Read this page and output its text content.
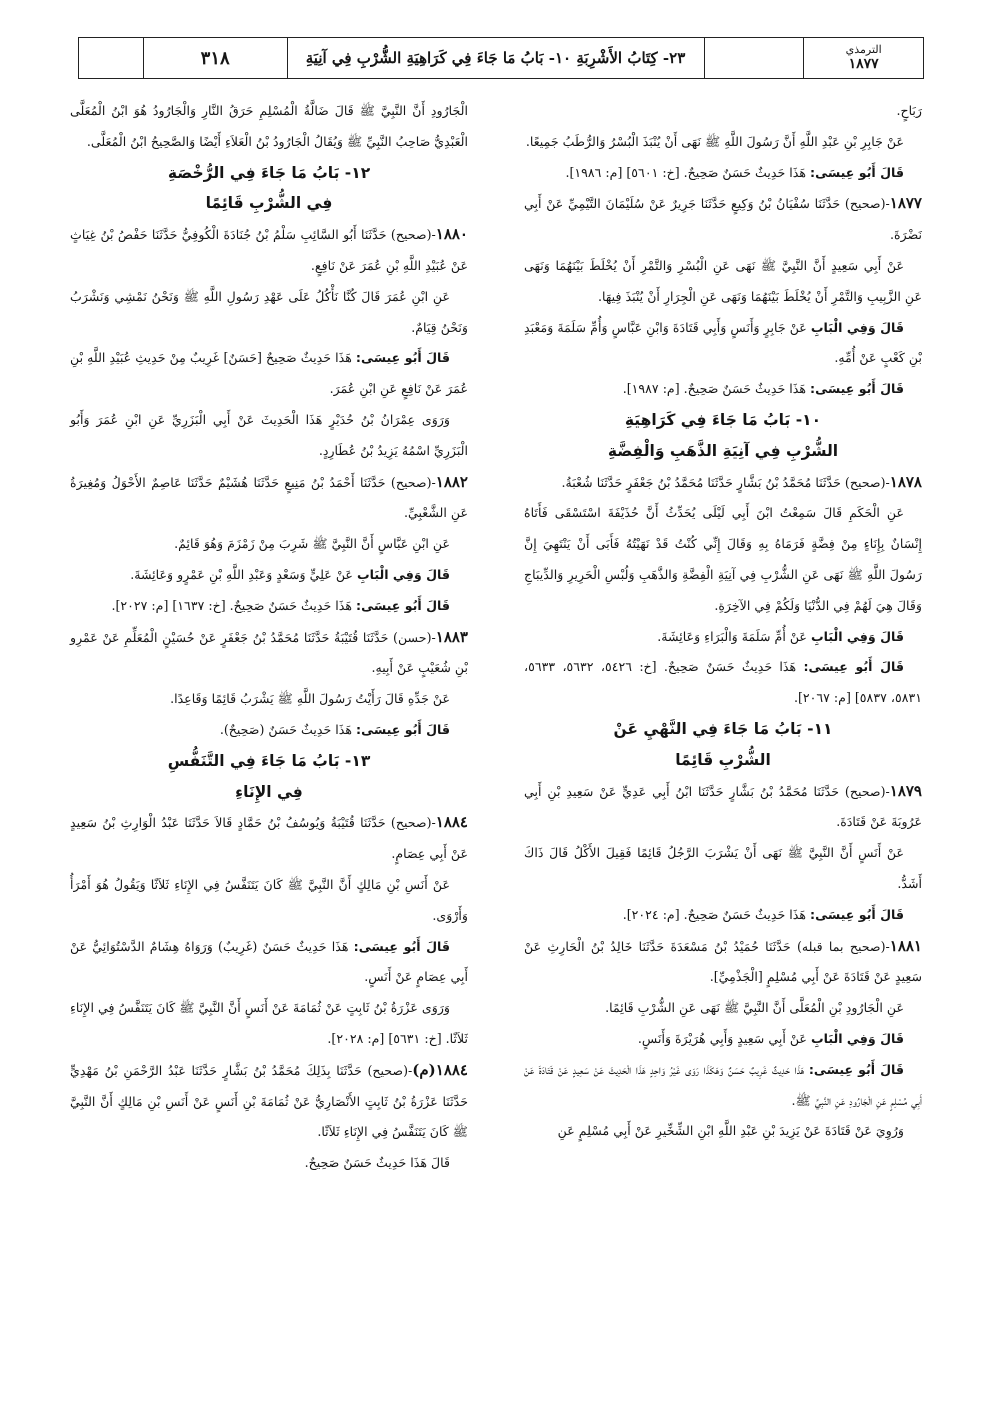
٣١٨	٢٣- كِتَابُ الأَشْرِبَةِ ١٠- بَابُ مَا جَاءَ فِي كَرَاهِيَةِ الشُّرْبِ فِي آنِيَةِ	الترمذي
١٨٧٧

رَبَاحٍ.

عَنْ جَابِرِ بْنِ عَبْدِ اللَّهِ أَنَّ رَسُولَ اللَّهِ ﷺ نَهَى أَنْ يُنْبَذَ الْبُسْرُ وَالرُّطَبُ جَمِيعًا.

قَالَ أَبُو عِيسَى: هَذَا حَدِيثٌ حَسَنٌ صَحِيحٌ. [خ: ٥٦٠١] [م: ١٩٨٦].

١٨٧٧-(صحيح) حَدَّثَنَا سُفْيَانُ بْنُ وَكِيعٍ حَدَّثَنَا جَرِيرٌ عَنْ سُلَيْمَانَ التَّيْمِيِّ عَنْ أَبِي نَضْرَةَ.

عَنْ أَبِي سَعِيدٍ أَنَّ النَّبِيَّ ﷺ نَهَى عَنِ الْبُسْرِ وَالتَّمْرِ أَنْ يُخْلَطَ بَيْنَهُمَا وَنَهَى عَنِ الزَّبِيبِ وَالتَّمْرِ أَنْ يُخْلَطَ بَيْنَهُمَا وَنَهَى عَنِ الْجِرَارِ أَنْ يُنْبَذَ فِيهَا.

قَالَ وَفِي الْبَابِ عَنْ جَابِرٍ وَأَنَسٍ وَأَبِي قَتَادَةَ وَابْنِ عَبَّاسٍ وَأُمِّ سَلَمَةَ وَمَعْبَدِ بْنِ كَعْبٍ عَنْ أُمِّهِ.

قَالَ أَبُو عِيسَى: هَذَا حَدِيثٌ حَسَنٌ صَحِيحٌ. [م: ١٩٨٧].

١٠- بَابُ مَا جَاءَ فِي كَرَاهِيَةِ

الشُّرْبِ فِي آنِيَةِ الذَّهَبِ وَالْفِضَّةِ

١٨٧٨-(صحيح) حَدَّثَنَا مُحَمَّدُ بْنُ بَشَّارٍ حَدَّثَنَا مُحَمَّدُ بْنُ جَعْفَرٍ حَدَّثَنَا شُعْبَةُ.

عَنِ الْحَكَمِ قَالَ سَمِعْتُ ابْنَ أَبِي لَيْلَى يُحَدِّثُ أَنَّ حُذَيْفَةَ اسْتَسْقَى فَأَتَاهُ إِنْسَانٌ بِإِنَاءٍ مِنْ فِضَّةٍ فَرَمَاهُ بِهِ وَقَالَ إِنِّي كُنْتُ قَدْ نَهَيْتُهُ فَأَبَى أَنْ يَنْتَهِيَ إِنَّ رَسُولَ اللَّهِ ﷺ نَهَى عَنِ الشُّرْبِ فِي آنِيَةِ الْفِضَّةِ وَالذَّهَبِ وَلُبْسِ الْحَرِيرِ وَالدِّيبَاجِ وَقَالَ هِيَ لَهُمْ فِي الدُّنْيَا وَلَكُمْ فِي الآخِرَةِ.

قَالَ وَفِي الْبَابِ عَنْ أُمِّ سَلَمَةَ وَالْبَرَاءِ وَعَائِشَةَ.

قَالَ أَبُو عِيسَى: هَذَا حَدِيثٌ حَسَنٌ صَحِيحٌ. [خ: ٥٤٢٦، ٥٦٣٢، ٥٦٣٣، ٥٨٣١، ٥٨٣٧] [م: ٢٠٦٧].

١١- بَابُ مَا جَاءَ فِي النَّهْيِ عَنْ

الشُّرْبِ قَائِمًا

١٨٧٩-(صحيح) حَدَّثَنَا مُحَمَّدُ بْنُ بَشَّارٍ حَدَّثَنَا ابْنُ أَبِي عَدِيٍّ عَنْ سَعِيدِ بْنِ أَبِي عَرُوبَةَ عَنْ قَتَادَةَ.

عَنْ أَنَسٍ أَنَّ النَّبِيَّ ﷺ نَهَى أَنْ يَشْرَبَ الرَّجُلُ قَائِمًا فَقِيلَ الأَكْلُ قَالَ ذَاكَ أَشَدُّ.

قَالَ أَبُو عِيسَى: هَذَا حَدِيثٌ حَسَنٌ صَحِيحٌ. [م: ٢٠٢٤].

١٨٨١-(صحيح بما قبله) حَدَّثَنَا حُمَيْدُ بْنُ مَسْعَدَةَ حَدَّثَنَا خَالِدُ بْنُ الْحَارِثِ عَنْ سَعِيدٍ عَنْ قَتَادَةَ عَنْ أَبِي مُسْلِمٍ [الْجَذْمِيِّ].

عَنِ الْجَارُودِ بْنِ الْمُعَلَّى أَنَّ النَّبِيَّ ﷺ نَهَى عَنِ الشُّرْبِ قَائِمًا.

قَالَ وَفِي الْبَابِ عَنْ أَبِي سَعِيدٍ وَأَبِي هُرَيْرَةَ وَأَنَسٍ.

قَالَ أَبُو عِيسَى: هَذَا حَدِيثٌ غَرِيبٌ حَسَنٌ وَهَكَذَا رَوَى غَيْرُ وَاحِدٍ هَذَا الْحَدِيثَ عَنْ سَعِيدٍ عَنْ قَتَادَةَ عَنْ أَبِي مُسْلِمٍ عَنِ الْجَارُودِ عَنِ النَّبِيِّ ﷺ.

وَرُوِيَ عَنْ قَتَادَةَ عَنْ يَزِيدَ بْنِ عَبْدِ اللَّهِ ابْنِ الشِّخِّيرِ عَنْ أَبِي مُسْلِمٍ عَنِ

الْجَارُودِ أَنَّ النَّبِيَّ ﷺ قَالَ ضَالَّةُ الْمُسْلِمِ حَرَقُ النَّارِ وَالْجَارُودُ هُوَ ابْنُ الْمُعَلَّى الْعَبْدِيُّ صَاحِبُ النَّبِيِّ ﷺ وَيُقَالُ الْجَارُودُ بْنُ الْعَلاَءِ أَيْضًا وَالصَّحِيحُ ابْنُ الْمُعَلَّى.

١٢- بَابُ مَا جَاءَ فِي الرُّخْصَةِ

فِي الشُّرْبِ قَائِمًا

١٨٨٠-(صحيح) حَدَّثَنَا أَبُو السَّائِبِ سَلْمُ بْنُ جُنَادَةَ الْكُوفِيُّ حَدَّثَنَا حَفْصُ بْنُ غِيَاثٍ عَنْ عُبَيْدِ اللَّهِ بْنِ عُمَرَ عَنْ نَافِعٍ.

عَنِ ابْنِ عُمَرَ قَالَ كُنَّا نَأْكُلُ عَلَى عَهْدِ رَسُولِ اللَّهِ ﷺ وَنَحْنُ نَمْشِي وَنَشْرَبُ وَنَحْنُ قِيَامٌ.

قَالَ أَبُو عِيسَى: هَذَا حَدِيثٌ صَحِيحٌ [حَسَنٌ] غَرِيبٌ مِنْ حَدِيثِ عُبَيْدِ اللَّهِ بْنِ عُمَرَ عَنْ نَافِعٍ عَنِ ابْنِ عُمَرَ.

وَرَوَى عِمْرَانُ بْنُ حُدَيْرٍ هَذَا الْحَدِيثَ عَنْ أَبِي الْبَزَرِيِّ عَنِ ابْنِ عُمَرَ وَأَبُو الْبَزَرِيِّ اسْمُهُ يَزِيدُ بْنُ عُطَارِدٍ.

١٨٨٢-(صحيح) حَدَّثَنَا أَحْمَدُ بْنُ مَنِيعٍ حَدَّثَنَا هُشَيْمٌ حَدَّثَنَا عَاصِمٌ الأَحْوَلُ وَمُغِيرَةُ عَنِ الشَّعْبِيِّ.

عَنِ ابْنِ عَبَّاسٍ أَنَّ النَّبِيَّ ﷺ شَرِبَ مِنْ زَمْزَمَ وَهُوَ قَائِمٌ.

قَالَ وَفِي الْبَابِ عَنْ عَلِيٍّ وَسَعْدٍ وَعَبْدِ اللَّهِ بْنِ عَمْرٍو وَعَائِشَةَ.

قَالَ أَبُو عِيسَى: هَذَا حَدِيثٌ حَسَنٌ صَحِيحٌ. [خ: ١٦٣٧] [م: ٢٠٢٧].

١٨٨٣-(حسن) حَدَّثَنَا قُتَيْبَةُ حَدَّثَنَا مُحَمَّدُ بْنُ جَعْفَرٍ عَنْ حُسَيْنٍ الْمُعَلِّمِ عَنْ عَمْرِو بْنِ شُعَيْبٍ عَنْ أَبِيهِ.

عَنْ جَدِّهِ قَالَ رَأَيْتُ رَسُولَ اللَّهِ ﷺ يَشْرَبُ قَائِمًا وَقَاعِدًا.

قَالَ أَبُو عِيسَى: هَذَا حَدِيثٌ حَسَنٌ (صَحِيحٌ).

١٣- بَابُ مَا جَاءَ فِي التَّنَفُّسِ

فِي الإِنَاءِ

١٨٨٤-(صحيح) حَدَّثَنَا قُتَيْبَةُ وَيُوسُفُ بْنُ حَمَّادٍ قَالاَ حَدَّثَنَا عَبْدُ الْوَارِثِ بْنُ سَعِيدٍ عَنْ أَبِي عِصَامٍ.

عَنْ أَنَسِ بْنِ مَالِكٍ أَنَّ النَّبِيَّ ﷺ كَانَ يَتَنَفَّسُ فِي الإِنَاءِ ثَلاَثًا وَيَقُولُ هُوَ أَمْرَأُ وَأَرْوَى.

قَالَ أَبُو عِيسَى: هَذَا حَدِيثٌ حَسَنٌ (غَرِيبٌ) وَرَوَاهُ هِشَامٌ الدَّسْتُوَائِيُّ عَنْ أَبِي عِصَامٍ عَنْ أَنَسٍ.

وَرَوَى عَزْرَةُ بْنُ ثَابِتٍ عَنْ ثُمَامَةَ عَنْ أَنَسٍ أَنَّ النَّبِيَّ ﷺ كَانَ يَتَنَفَّسُ فِي الإِنَاءِ ثَلاَثًا. [خ: ٥٦٣١] [م: ٢٠٢٨].

١٨٨٤(م)-(صحيح) حَدَّثَنَا بِذَلِكَ مُحَمَّدُ بْنُ بَشَّارٍ حَدَّثَنَا عَبْدُ الرَّحْمَنِ بْنُ مَهْدِيٍّ حَدَّثَنَا عَزْرَةُ بْنُ ثَابِتٍ الأَنْصَارِيُّ عَنْ ثُمَامَةَ بْنِ أَنَسٍ عَنْ أَنَسِ بْنِ مَالِكٍ أَنَّ النَّبِيَّ ﷺ كَانَ يَتَنَفَّسُ فِي الإِنَاءِ ثَلاَثًا.

قَالَ هَذَا حَدِيثٌ حَسَنٌ صَحِيحٌ.
